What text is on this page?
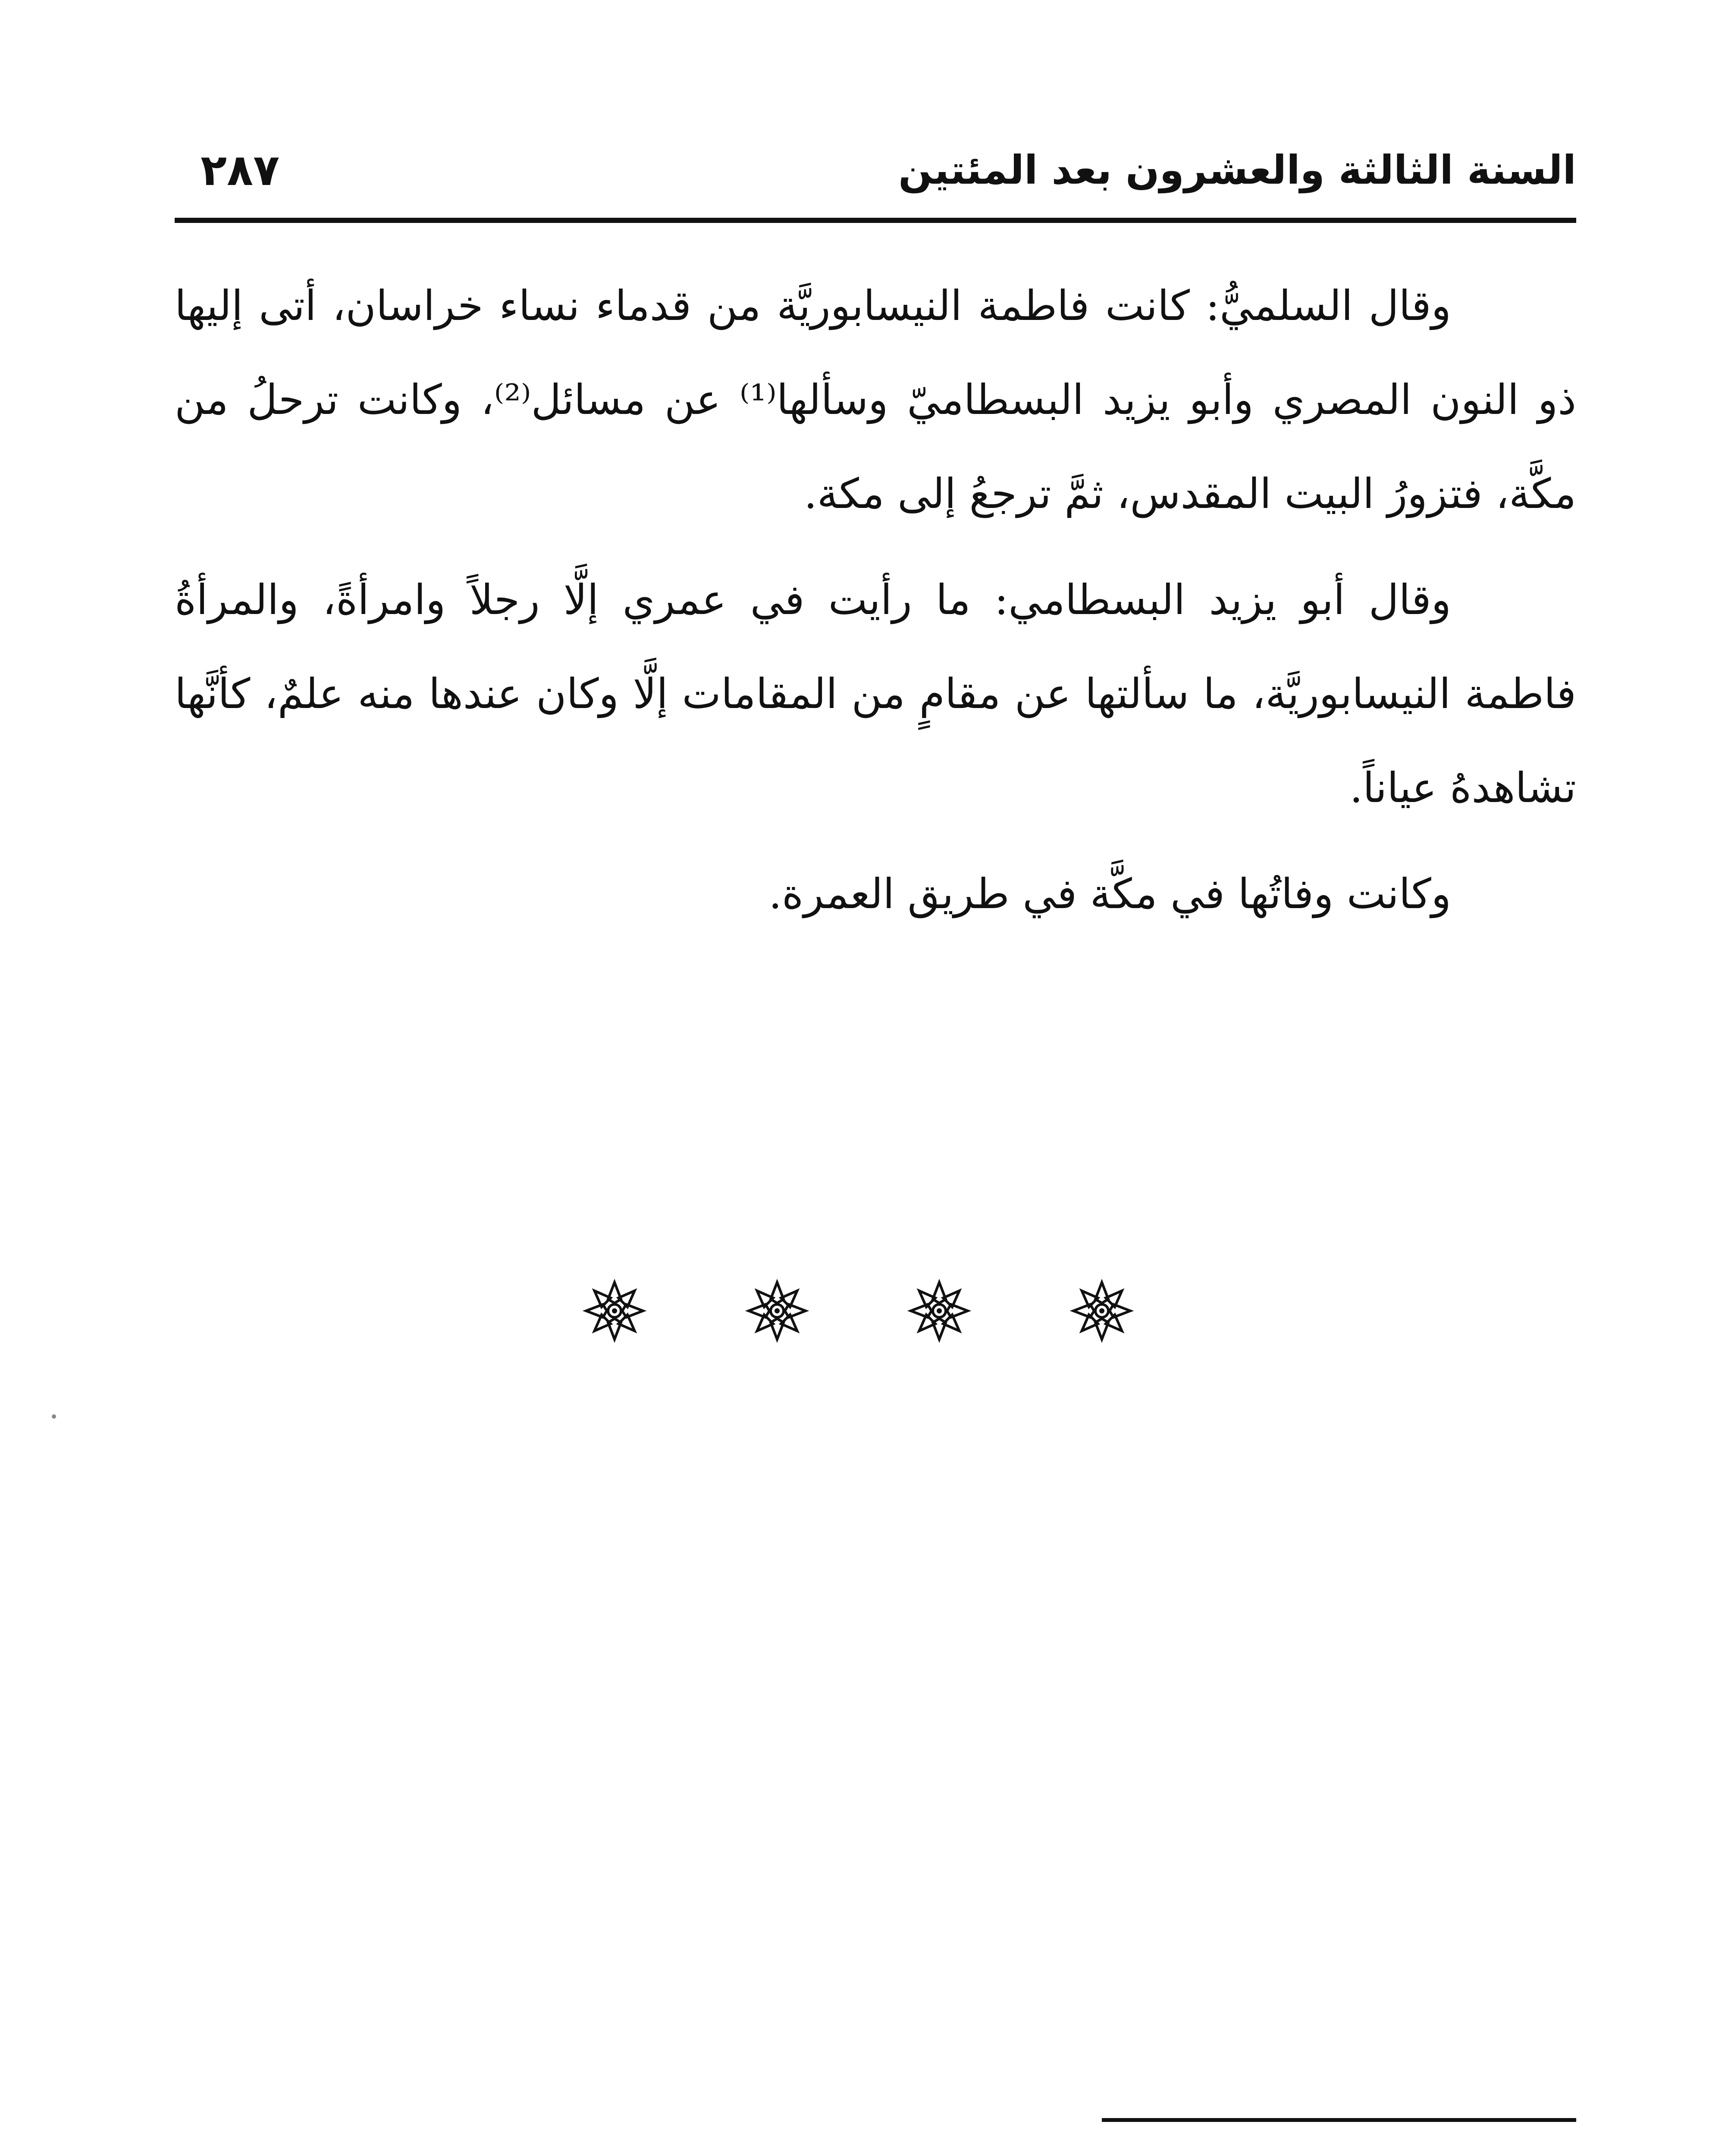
السنة الثالثة والعشرون بعد المئتين
٢٨٧

وقال السلميُّ: كانت فاطمة النيسابوريَّة من قدماء نساء خراسان، أتى إليها ذو النون المصري وأبو يزيد البسطاميّ وسألها⁽¹⁾ عن مسائل⁽²⁾، وكانت ترحلُ من مكَّة، فتزورُ البيت المقدس، ثمَّ ترجعُ إلى مكة.

وقال أبو يزيد البسطامي: ما رأيت في عمري إلَّا رجلاً وامرأةً، والمرأةُ فاطمة النيسابوريَّة، ما سألتها عن مقامٍ من المقامات إلَّا وكان عندها منه علمٌ، كأنَّها تشاهدهُ عياناً.

وكانت وفاتُها في مكَّة في طريق العمرة.
